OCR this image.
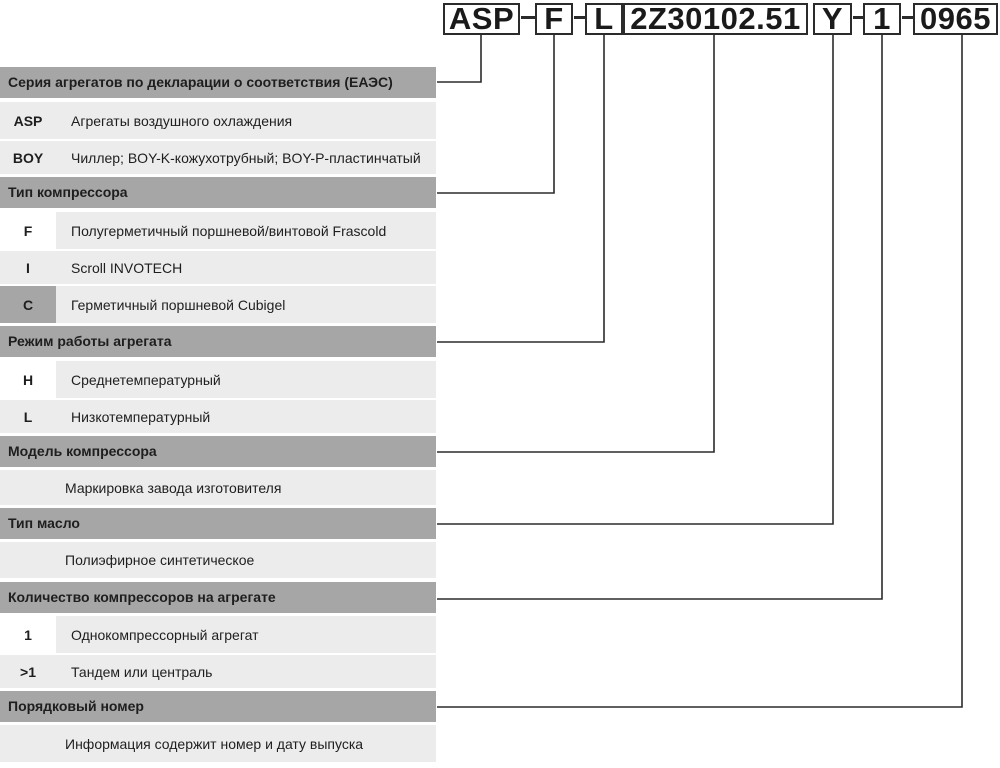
ASP F L 2Z30102.51 Y 1 0965
Серия агрегатов по декларации о соответствия (ЕАЭС)
ASP	Агрегаты воздушного охлаждения
BOY	Чиллер; BOY-K-кожухотрубный; BOY-P-пластинчатый
Тип компрессора
F	Полугерметичный поршневой/винтовой Frascold
I	Scroll INVOTECH
C	Герметичный поршневой Cubigel
Режим работы агрегата
H	Среднетемпературный
L	Низкотемпературный
Модель компрессора
Маркировка завода изготовителя
Тип масло
Полиэфирное синтетическое
Количество компрессоров на агрегате
1	Однокомпрессорный агрегат
>1	Тандем или централь
Порядковый номер
Информация содержит номер и дату выпуска
